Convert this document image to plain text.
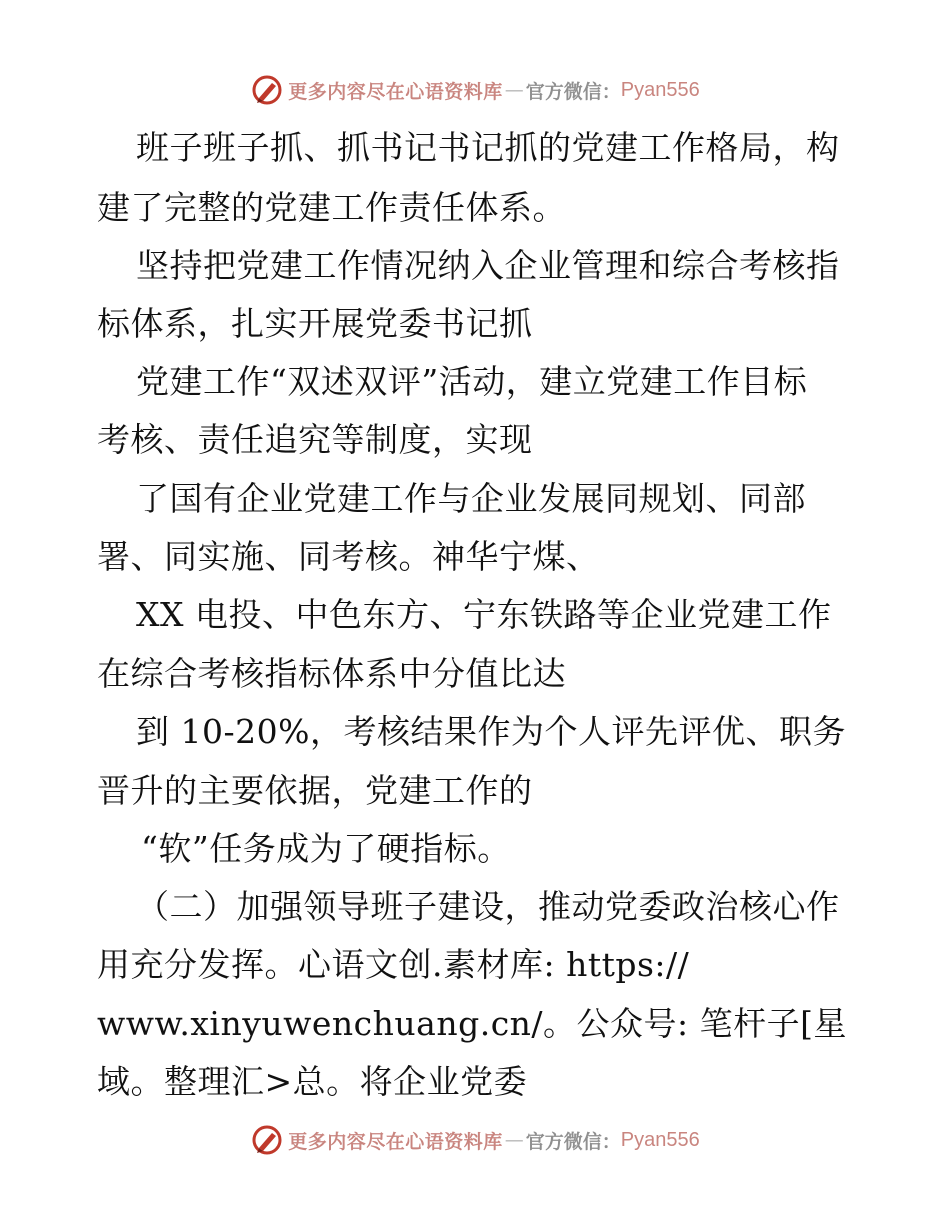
更多内容尽在心语资料库 — 官方微信： Pyan556
班子班子抓、抓书记书记抓的党建工作格局，构
建了完整的党建工作责任体系。
坚持把党建工作情况纳入企业管理和综合考核指
标体系，扎实开展党委书记抓
党建工作“双述双评”活动，建立党建工作目标
考核、责任追究等制度，实现
了国有企业党建工作与企业发展同规划、同部
署、同实施、同考核。神华宁煤、
XX 电投、中色东方、宁东铁路等企业党建工作
在综合考核指标体系中分值比达
到 10-20%，考核结果作为个人评先评优、职务
晋升的主要依据，党建工作的
“软”任务成为了硬指标。
（二）加强领导班子建设，推动党委政治核心作
用充分发挥。心语文创.素材库: https://
www.xinyuwenchuang.cn/。公众号: 笔杆子[星
域。整理汇>总。将企业党委
更多内容尽在心语资料库 — 官方微信： Pyan556
